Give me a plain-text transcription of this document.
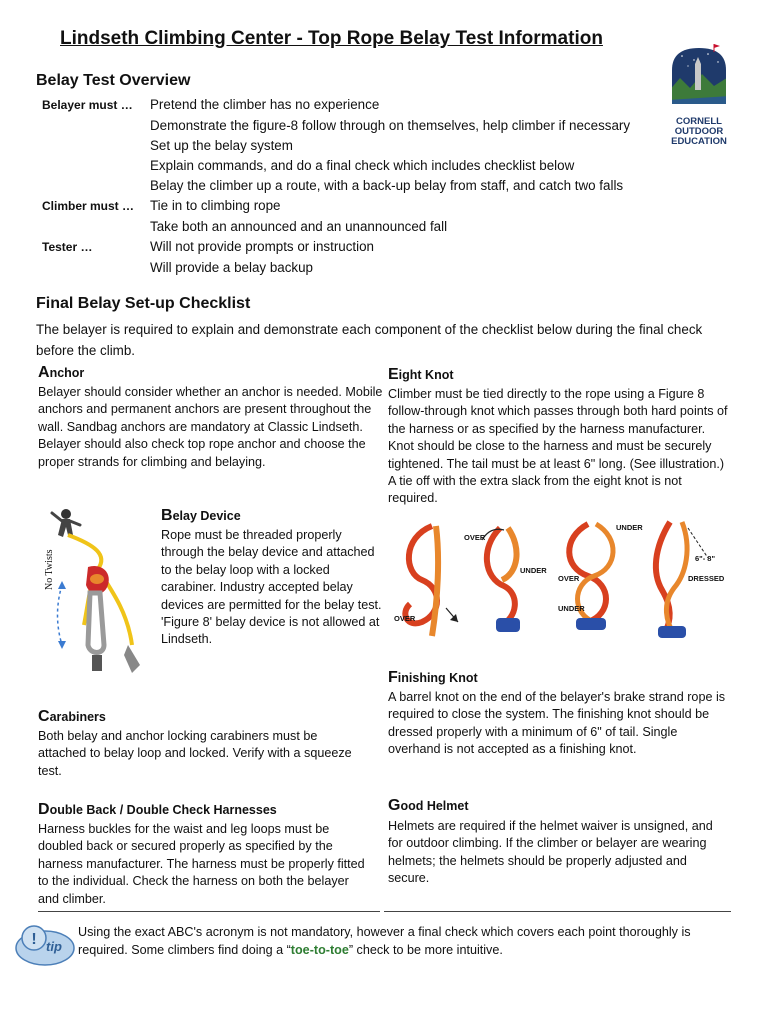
Lindseth Climbing Center - Top Rope Belay Test Information
Belay Test Overview
Belayer must … Pretend the climber has no experience
Demonstrate the figure-8 follow through on themselves, help climber if necessary
Set up the belay system
Explain commands, and do a final check which includes checklist below
Belay the climber up a route, with a back-up belay from staff, and catch two falls
Climber must … Tie in to climbing rope
Take both an announced and an unannounced fall
Tester …	Will not provide prompts or instruction
Will provide a belay backup
CORNELL
OUTDOOR
EDUCATION
Final Belay Set-up Checklist
The belayer is required to explain and demonstrate each component of the checklist below during the final check before the climb.
Anchor
Belayer should consider whether an anchor is needed. Mobile anchors and permanent anchors are present throughout the wall. Sandbag anchors are mandatory at Classic Lindseth. Belayer should also check top rope anchor and choose the proper strands for climbing and belaying.
No Twists
Belay Device
Rope must be threaded properly through the belay device and attached to the belay loop with a locked carabiner. Industry accepted belay devices are permitted for the belay test. 'Figure 8' belay device is not allowed at Lindseth.
Carabiners
Both belay and anchor locking carabiners must be attached to belay loop and locked. Verify with a squeeze test.
Double Back / Double Check Harnesses
Harness buckles for the waist and leg loops must be doubled back or secured properly as specified by the harness manufacturer. The harness must be properly fitted to the individual. Check the harness on both the belayer and climber.
Eight Knot
Climber must be tied directly to the rope using a Figure 8 follow-through knot which passes through both hard points of the harness or as specified by the harness manufacturer. Knot should be close to the harness and must be securely tightened. The tail must be at least 6" long. (See illustration.) A tie off with the extra slack from the eight knot is not required.
OVER
OVER
UNDER
OVER
UNDER
UNDER
6"- 8"
DRESSED
Finishing Knot
A barrel knot on the end of the belayer's brake strand rope is required to close the system. The finishing knot should be dressed properly with a minimum of 6" of tail. Single overhand is not accepted as a finishing knot.
Good Helmet
Helmets are required if the helmet waiver is unsigned, and for outdoor climbing. If the climber or belayer are wearing helmets; the helmets should be properly adjusted and secure.
! tip
Using the exact ABC's acronym is not mandatory, however a final check which covers each point thoroughly is required. Some climbers find doing a “toe-to-toe” check to be more intuitive.
